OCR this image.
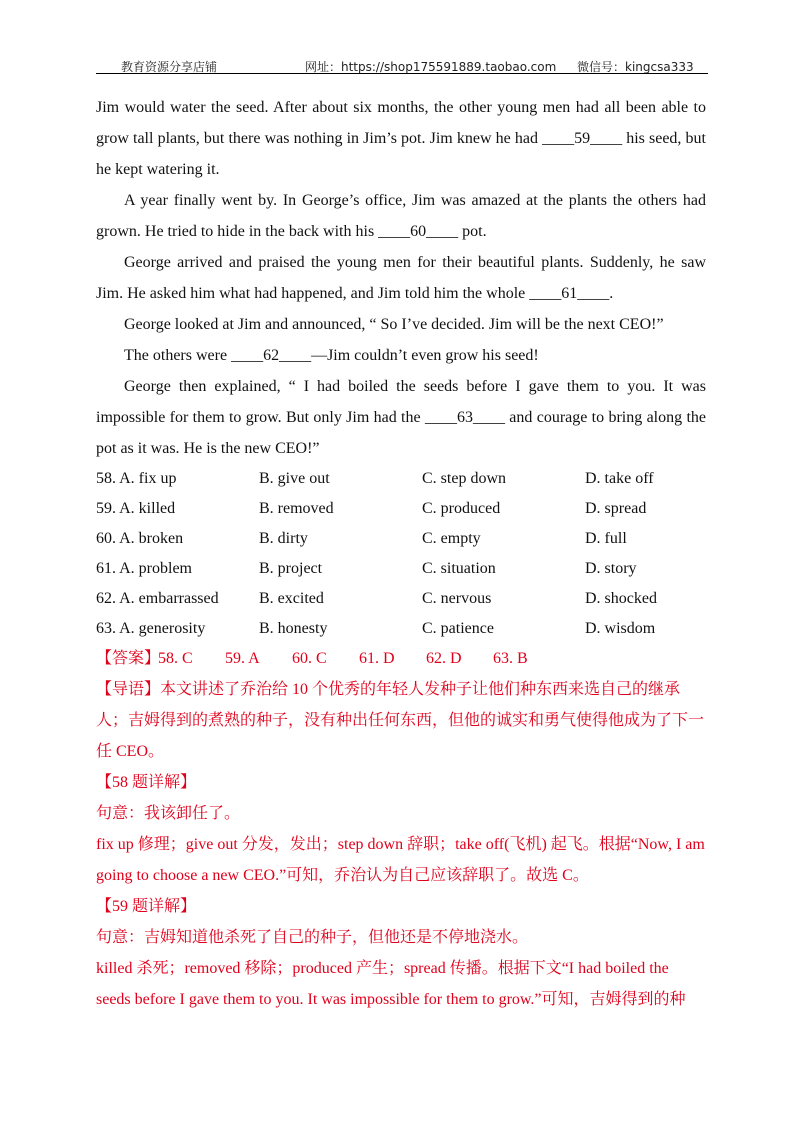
教育资源分享店铺	网址：https://shop175591889.taobao.com 微信号：kingcsa333

Jim would water the seed. After about six months, the other young men had all been able to grow tall plants, but there was nothing in Jim’s pot. Jim knew he had ____59____ his seed, but he kept watering it.

A year finally went by. In George’s office, Jim was amazed at the plants the others had grown. He tried to hide in the back with his ____60____ pot.

George arrived and praised the young men for their beautiful plants. Suddenly, he saw Jim. He asked him what had happened, and Jim told him the whole ____61____.

George looked at Jim and announced, “ So I’ve decided. Jim will be the next CEO!”

The others were ____62____—Jim couldn’t even grow his seed!

George then explained, “ I had boiled the seeds before I gave them to you. It was impossible for them to grow. But only Jim had the ____63____ and courage to bring along the pot as it was. He is the new CEO!”

58. A. fix up	B. give out	C. step down	D. take off
59. A. killed	B. removed	C. produced	D. spread
60. A. broken	B. dirty	C. empty	D. full
61. A. problem	B. project	C. situation	D. story
62. A. embarrassed	B. excited	C. nervous	D. shocked
63. A. generosity	B. honesty	C. patience	D. wisdom
【答案】58. C 59. A 60. C 61. D 62. D 63. B
【导语】本文讲述了乔治给 10 个优秀的年轻人发种子让他们种东西来选自己的继承人；吉姆得到的煮熟的种子，没有种出任何东西，但他的诚实和勇气使得他成为了下一任 CEO。
【58 题详解】
句意：我该卸任了。
fix up 修理；give out 分发，发出；step down 辞职；take off(飞机) 起飞。根据“Now, I am going to choose a new CEO.”可知，乔治认为自己应该辞职了。故选 C。
【59 题详解】
句意：吉姆知道他杀死了自己的种子，但他还是不停地浇水。
killed 杀死；removed 移除；produced 产生；spread 传播。根据下文“I had boiled the seeds before I gave them to you. It was impossible for them to grow.”可知，吉姆得到的种
